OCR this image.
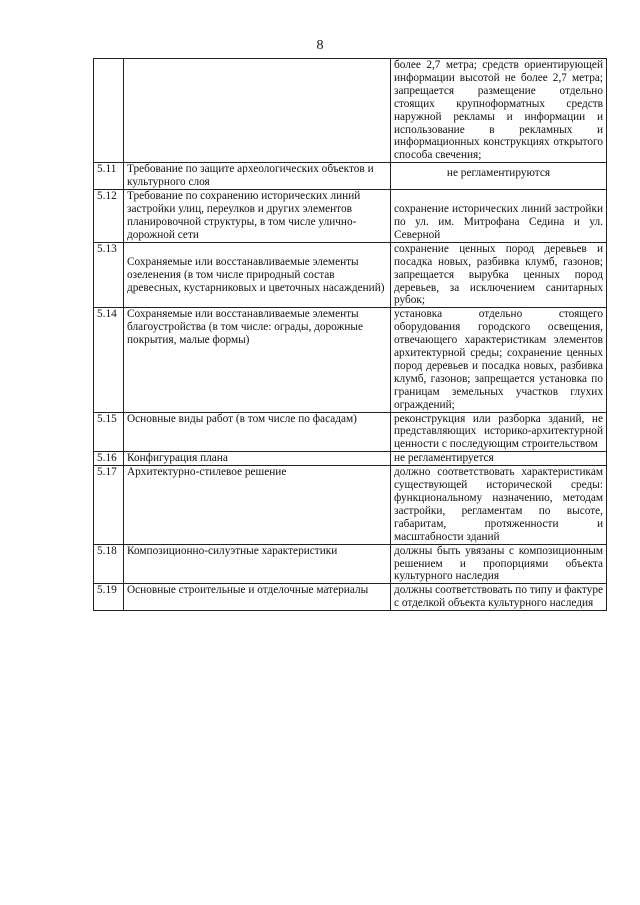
8
		более 2,7 метра; средств ориентирующей информации высотой не более 2,7 метра; запрещается размещение отдельно стоящих крупноформатных средств наружной рекламы и информации и использование в рекламных и информационных конструкциях открытого способа свечения;
5.11	Требование по защите археологических объектов и культурного слоя	не регламентируются
5.12	Требование по сохранению исторических линий застройки улиц, переулков и других элементов планировочной структуры, в том числе улично-дорожной сети	сохранение исторических линий застройки по ул. им. Митрофана Седина и ул. Северной
5.13	Сохраняемые или восстанавливаемые элементы озеленения (в том числе природный состав древесных, кустарниковых и цветочных насаждений)	сохранение ценных пород деревьев и посадка новых, разбивка клумб, газонов; запрещается вырубка ценных пород деревьев, за исключением санитарных рубок;
5.14	Сохраняемые или восстанавливаемые элементы благоустройства (в том числе: ограды, дорожные покрытия, малые формы)	установка отдельно стоящего оборудования городского освещения, отвечающего характеристикам элементов архитектурной среды; сохранение ценных пород деревьев и посадка новых, разбивка клумб, газонов; запрещается установка по границам земельных участков глухих ограждений;
5.15	Основные виды работ (в том числе по фасадам)	реконструкция или разборка зданий, не представляющих историко-архитектурной ценности с последующим строительством
5.16	Конфигурация плана	не регламентируется
5.17	Архитектурно-стилевое решение	должно соответствовать характеристикам существующей исторической среды: функциональному назначению, методам застройки, регламентам по высоте, габаритам, протяженности и масштабности зданий
5.18	Композиционно-силуэтные характеристики	должны быть увязаны с композиционным решением и пропорциями объекта культурного наследия
5.19	Основные строительные и отделочные материалы	должны соответствовать по типу и фактуре с отделкой объекта культурного наследия
